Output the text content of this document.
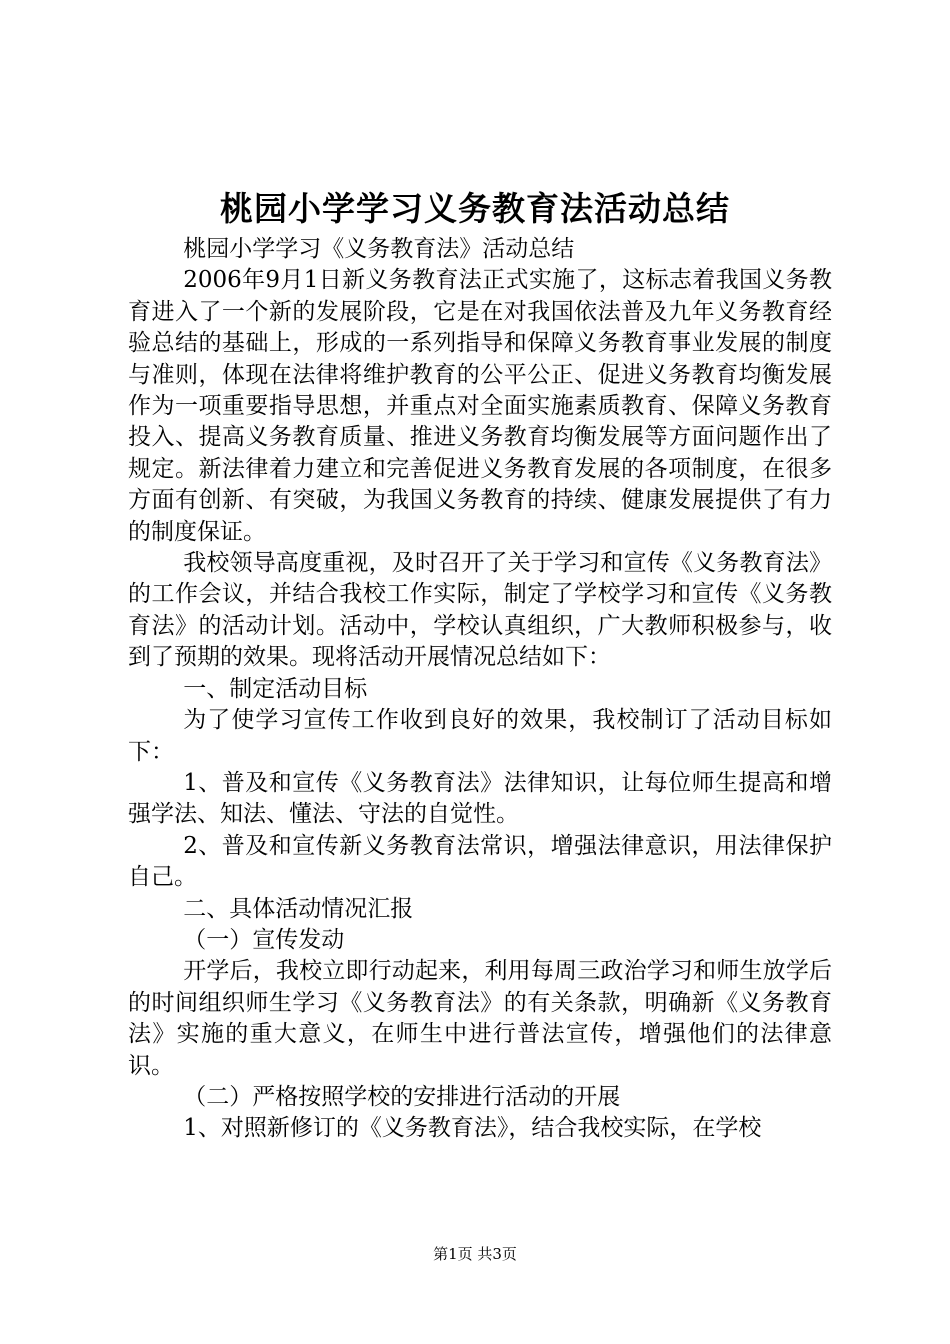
桃园小学学习义务教育法活动总结

桃园小学学习《义务教育法》活动总结

2006年9月1日新义务教育法正式实施了，这标志着我国义务教育进入了一个新的发展阶段，它是在对我国依法普及九年义务教育经验总结的基础上，形成的一系列指导和保障义务教育事业发展的制度与准则，体现在法律将维护教育的公平公正、促进义务教育均衡发展作为一项重要指导思想，并重点对全面实施素质教育、保障义务教育投入、提高义务教育质量、推进义务教育均衡发展等方面问题作出了规定。新法律着力建立和完善促进义务教育发展的各项制度，在很多方面有创新、有突破，为我国义务教育的持续、健康发展提供了有力的制度保证。

我校领导高度重视，及时召开了关于学习和宣传《义务教育法》的工作会议，并结合我校工作实际，制定了学校学习和宣传《义务教育法》的活动计划。活动中，学校认真组织，广大教师积极参与，收到了预期的效果。现将活动开展情况总结如下：

一、制定活动目标

为了使学习宣传工作收到良好的效果，我校制订了活动目标如下：

1、普及和宣传《义务教育法》法律知识，让每位师生提高和增强学法、知法、懂法、守法的自觉性。

2、普及和宣传新义务教育法常识，增强法律意识，用法律保护自己。

二、具体活动情况汇报

（一）宣传发动

开学后，我校立即行动起来，利用每周三政治学习和师生放学后的时间组织师生学习《义务教育法》的有关条款，明确新《义务教育法》实施的重大意义，在师生中进行普法宣传，增强他们的法律意识。

（二）严格按照学校的安排进行活动的开展

1、对照新修订的《义务教育法》，结合我校实际，在学校

第1页 共3页
